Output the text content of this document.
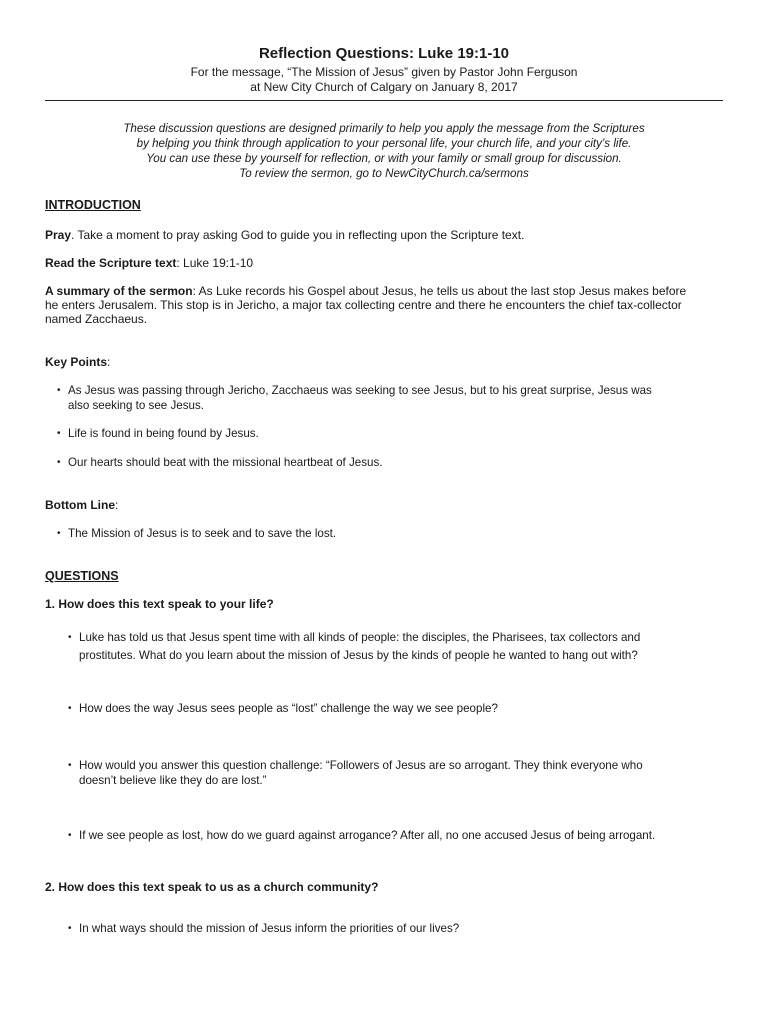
Reflection Questions: Luke 19:1-10
For the message, “The Mission of Jesus” given by Pastor John Ferguson
at New City Church of Calgary on January 8, 2017
These discussion questions are designed primarily to help you apply the message from the Scriptures
by helping you think through application to your personal life, your church life, and your city’s life.
You can use these by yourself for reflection, or with your family or small group for discussion.
To review the sermon, go to NewCityChurch.ca/sermons
INTRODUCTION
Pray. Take a moment to pray asking God to guide you in reflecting upon the Scripture text.
Read the Scripture text: Luke 19:1-10
A summary of the sermon: As Luke records his Gospel about Jesus, he tells us about the last stop Jesus makes before
he enters Jerusalem. This stop is in Jericho, a major tax collecting centre and there he encounters the chief tax-collector
named Zacchaeus.
Key Points:
• As Jesus was passing through Jericho, Zacchaeus was seeking to see Jesus, but to his great surprise, Jesus was
also seeking to see Jesus.
• Life is found in being found by Jesus.
• Our hearts should beat with the missional heartbeat of Jesus.
Bottom Line:
• The Mission of Jesus is to seek and to save the lost.
QUESTIONS
1. How does this text speak to your life?
• Luke has told us that Jesus spent time with all kinds of people: the disciples, the Pharisees, tax collectors and
prostitutes. What do you learn about the mission of Jesus by the kinds of people he wanted to hang out with?
• How does the way Jesus sees people as “lost” challenge the way we see people?
• How would you answer this question challenge: “Followers of Jesus are so arrogant. They think everyone who
doesn’t believe like they do are lost.”
• If we see people as lost, how do we guard against arrogance? After all, no one accused Jesus of being arrogant.
2. How does this text speak to us as a church community?
• In what ways should the mission of Jesus inform the priorities of our lives?
